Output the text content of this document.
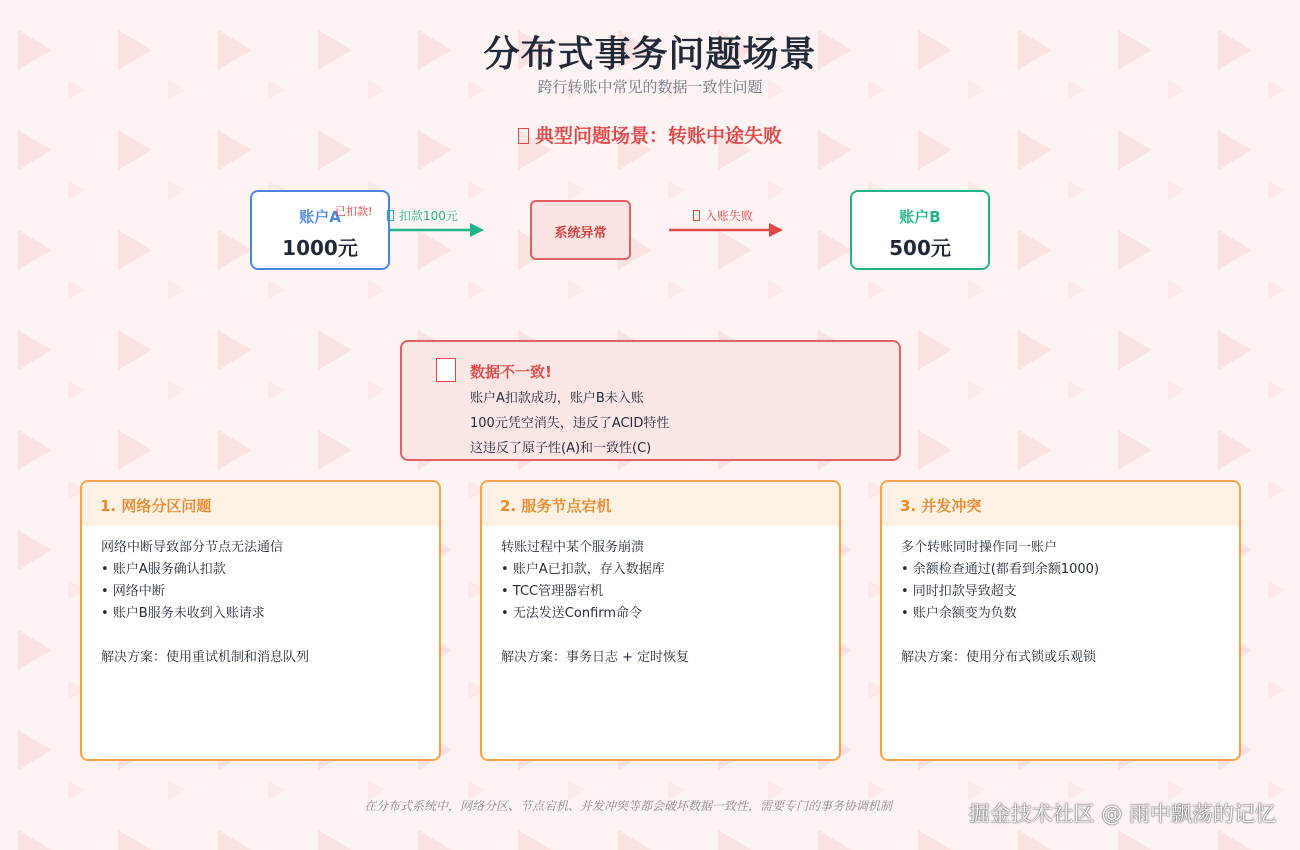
分布式事务问题场景
跨行转账中常见的数据一致性问题
典型问题场景：转账中途失败
账户A
1000元
已扣款!	扣款100元
系统异常
入账失败	账户B
500元
数据不一致!
账户A扣款成功，账户B未入账
100元凭空消失，违反了ACID特性
这违反了原子性(A)和一致性(C)
1. 网络分区问题
网络中断导致部分节点无法通信
• 账户A服务确认扣款
• 网络中断
• 账户B服务未收到入账请求
解决方案：使用重试机制和消息队列
2. 服务节点宕机
转账过程中某个服务崩溃
• 账户A已扣款，存入数据库
• TCC管理器宕机
• 无法发送Confirm命令
解决方案：事务日志 + 定时恢复
3. 并发冲突
多个转账同时操作同一账户
• 余额检查通过(都看到余额1000)
• 同时扣款导致超支
• 账户余额变为负数
解决方案：使用分布式锁或乐观锁
在分布式系统中，网络分区、节点宕机、并发冲突等都会破坏数据一致性，需要专门的事务协调机制	掘金技术社区 @ 雨中飘荡的记忆
